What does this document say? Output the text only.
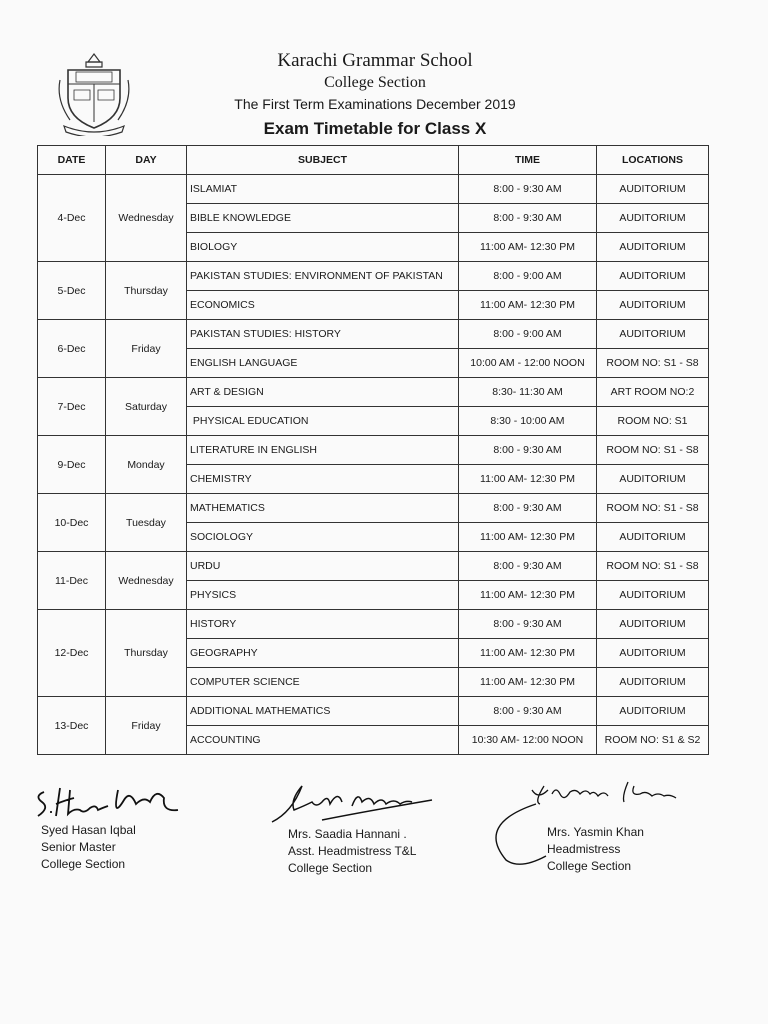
Karachi Grammar School
College Section
The First Term Examinations December 2019
Exam Timetable for Class X
DATE	DAY	SUBJECT	TIME	LOCATIONS
4-Dec	Wednesday	ISLAMIAT	8:00 - 9:30 AM	AUDITORIUM
		BIBLE KNOWLEDGE	8:00 - 9:30 AM	AUDITORIUM
		BIOLOGY	11:00 AM- 12:30 PM	AUDITORIUM
5-Dec	Thursday	PAKISTAN STUDIES: ENVIRONMENT OF PAKISTAN	8:00 - 9:00 AM	AUDITORIUM
		ECONOMICS	11:00 AM- 12:30 PM	AUDITORIUM
6-Dec	Friday	PAKISTAN STUDIES: HISTORY	8:00 - 9:00 AM	AUDITORIUM
		ENGLISH LANGUAGE	10:00 AM - 12:00 NOON	ROOM NO: S1 - S8
7-Dec	Saturday	ART & DESIGN	8:30- 11:30 AM	ART ROOM NO:2
		PHYSICAL EDUCATION	8:30 - 10:00 AM	ROOM NO: S1
9-Dec	Monday	LITERATURE IN ENGLISH	8:00 - 9:30 AM	ROOM NO: S1 - S8
		CHEMISTRY	11:00 AM- 12:30 PM	AUDITORIUM
10-Dec	Tuesday	MATHEMATICS	8:00 - 9:30 AM	ROOM NO: S1 - S8
		SOCIOLOGY	11:00 AM- 12:30 PM	AUDITORIUM
11-Dec	Wednesday	URDU	8:00 - 9:30 AM	ROOM NO: S1 - S8
		PHYSICS	11:00 AM- 12:30 PM	AUDITORIUM
12-Dec	Thursday	HISTORY	8:00 - 9:30 AM	AUDITORIUM
		GEOGRAPHY	11:00 AM- 12:30 PM	AUDITORIUM
		COMPUTER SCIENCE	11:00 AM- 12:30 PM	AUDITORIUM
13-Dec	Friday	ADDITIONAL MATHEMATICS	8:00 - 9:30 AM	AUDITORIUM
		ACCOUNTING	10:30 AM- 12:00 NOON	ROOM NO: S1 & S2
Syed Hasan Iqbal
Senior Master
College Section
Mrs. Saadia Hannani .
Asst. Headmistress T&L
College Section
Mrs. Yasmin Khan
Headmistress
College Section
